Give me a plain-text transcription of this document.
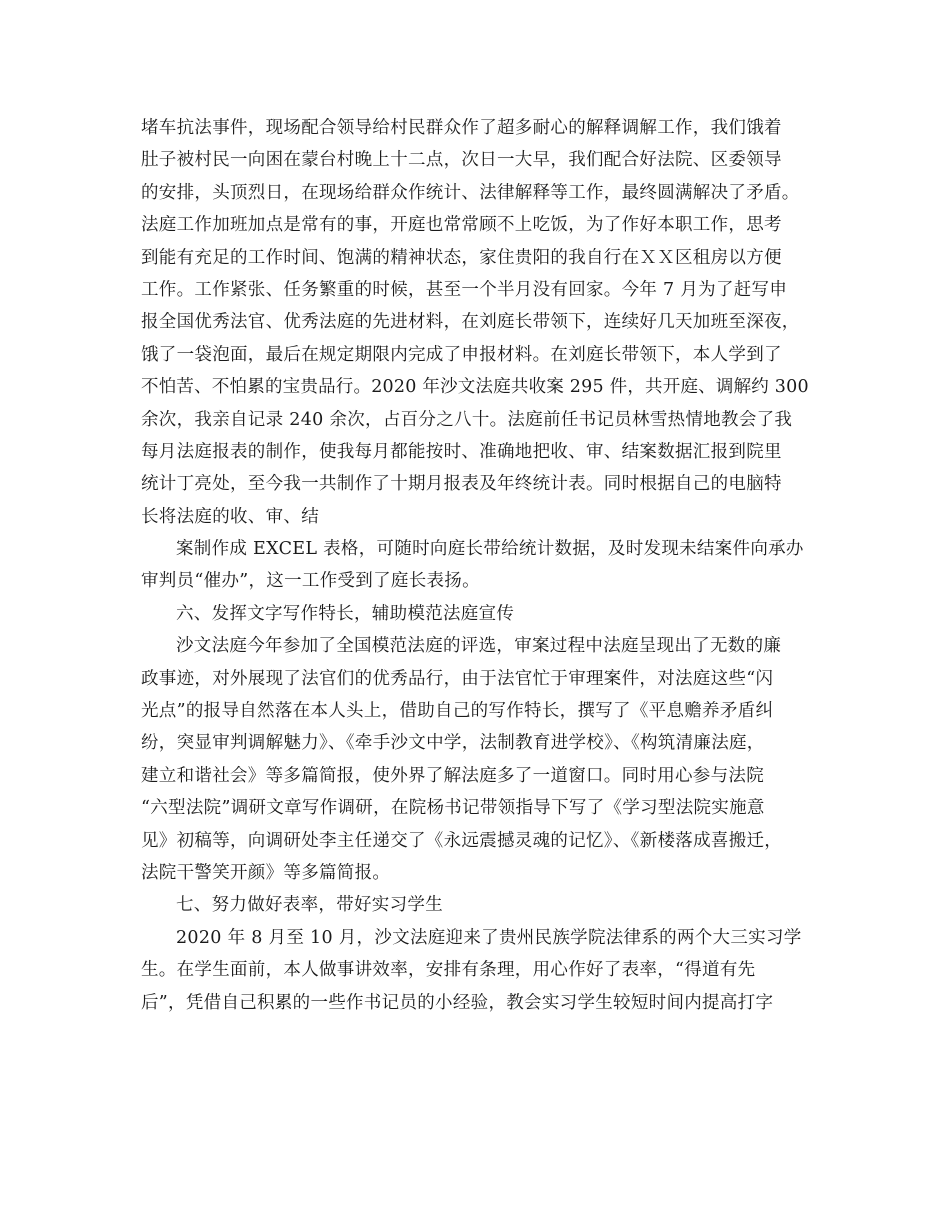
堵车抗法事件，现场配合领导给村民群众作了超多耐心的解释调解工作，我们饿着
肚子被村民一向困在蒙台村晚上十二点，次日一大早，我们配合好法院、区委领导
的安排，头顶烈日，在现场给群众作统计、法律解释等工作，最终圆满解决了矛盾。
法庭工作加班加点是常有的事，开庭也常常顾不上吃饭，为了作好本职工作，思考
到能有充足的工作时间、饱满的精神状态，家住贵阳的我自行在ＸＸ区租房以方便
工作。工作紧张、任务繁重的时候，甚至一个半月没有回家。今年 7 月为了赶写申
报全国优秀法官、优秀法庭的先进材料，在刘庭长带领下，连续好几天加班至深夜，
饿了一袋泡面，最后在规定期限内完成了申报材料。在刘庭长带领下，本人学到了
不怕苦、不怕累的宝贵品行。2020 年沙文法庭共收案 295 件，共开庭、调解约 300
余次，我亲自记录 240 余次，占百分之八十。法庭前任书记员林雪热情地教会了我
每月法庭报表的制作，使我每月都能按时、准确地把收、审、结案数据汇报到院里
统计丁亮处，至今我一共制作了十期月报表及年终统计表。同时根据自己的电脑特
长将法庭的收、审、结
案制作成 EXCEL 表格，可随时向庭长带给统计数据，及时发现未结案件向承办
审判员“催办”，这一工作受到了庭长表扬。
六、发挥文字写作特长，辅助模范法庭宣传
沙文法庭今年参加了全国模范法庭的评选，审案过程中法庭呈现出了无数的廉
政事迹，对外展现了法官们的优秀品行，由于法官忙于审理案件，对法庭这些“闪
光点”的报导自然落在本人头上，借助自己的写作特长，撰写了《平息赡养矛盾纠
纷，突显审判调解魅力》、《牵手沙文中学，法制教育进学校》、《构筑清廉法庭，
建立和谐社会》等多篇简报，使外界了解法庭多了一道窗口。同时用心参与法院
“六型法院”调研文章写作调研，在院杨书记带领指导下写了《学习型法院实施意
见》初稿等，向调研处李主任递交了《永远震撼灵魂的记忆》、《新楼落成喜搬迁，
法院干警笑开颜》等多篇简报。
七、努力做好表率，带好实习学生
2020 年 8 月至 10 月，沙文法庭迎来了贵州民族学院法律系的两个大三实习学
生。在学生面前，本人做事讲效率，安排有条理，用心作好了表率，“得道有先
后”，凭借自己积累的一些作书记员的小经验，教会实习学生较短时间内提高打字
